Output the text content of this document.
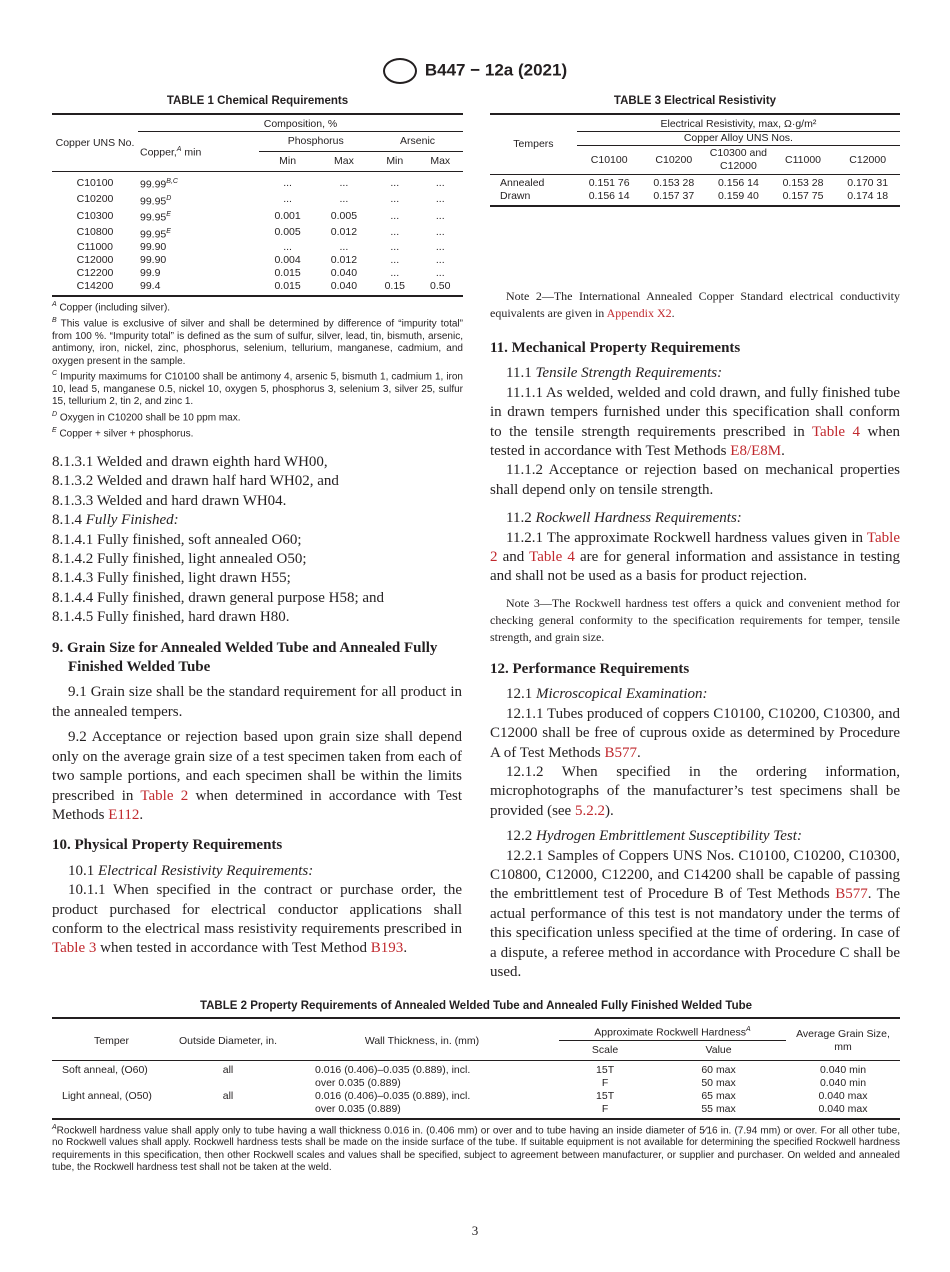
B447 − 12a (2021)
TABLE 1 Chemical Requirements
Copper UNS No.	Composition, %				
	Copper,$^A$ min	Phosphorus		Arsenic	
		Min	Max	Min	Max
C10100	$99.99^{B,C}$	...	...	...	...
C10200	$99.95^D$	...	...	...	...
C10300	$99.95^E$	0.001	0.005	...	...
C10800	$99.95^E$	0.005	0.012	...	...
C11000	99.90	...	...	...	...
C12000	99.90	0.004	0.012	...	...
C12200	99.9	0.015	0.040	...	...
C14200	99.4	0.015	0.040	0.15	0.50
$^A$ Copper (including silver).
$^B$ This value is exclusive of silver and shall be determined by difference of “impurity total” from 100 %. “Impurity total” is defined as the sum of sulfur, silver, lead, tin, bismuth, arsenic, antimony, iron, nickel, zinc, phosphorus, selenium, tellurium, manganese, cadmium, and oxygen present in the sample.
$^C$ Impurity maximums for C10100 shall be antimony 4, arsenic 5, bismuth 1, cadmium 1, iron 10, lead 5, manganese 0.5, nickel 10, oxygen 5, phosphorus 3, selenium 3, silver 25, sulfur 15, tellurium 2, tin 2, and zinc 1.
$^D$ Oxygen in C10200 shall be 10 ppm max.
$^E$ Copper + silver + phosphorus.
TABLE 3 Electrical Resistivity
Tempers	Electrical Resistivity, max, Ω·g/m²				
	Copper Alloy UNS Nos.				
	C10100	C10200	C10300 and C12000	C11000	C12000
Annealed	0.151 76	0.153 28	0.156 14	0.153 28	0.170 31
Drawn	0.156 14	0.157 37	0.159 40	0.157 75	0.174 18

8.1.3.1 Welded and drawn eighth hard WH00,

8.1.3.2 Welded and drawn half hard WH02, and

8.1.3.3 Welded and hard drawn WH04.

8.1.4 Fully Finished:

8.1.4.1 Fully finished, soft annealed O60;

8.1.4.2 Fully finished, light annealed O50;

8.1.4.3 Fully finished, light drawn H55;

8.1.4.4 Fully finished, drawn general purpose H58; and

8.1.4.5 Fully finished, hard drawn H80.

9. Grain Size for Annealed Welded Tube and Annealed Fully Finished Welded Tube

9.1 Grain size shall be the standard requirement for all product in the annealed tempers.

9.2 Acceptance or rejection based upon grain size shall depend only on the average grain size of a test specimen taken from each of two sample portions, and each specimen shall be within the limits prescribed in Table 2 when determined in accordance with Test Methods E112.

10. Physical Property Requirements

10.1 Electrical Resistivity Requirements:

10.1.1 When specified in the contract or purchase order, the product purchased for electrical conductor applications shall conform to the electrical mass resistivity requirements prescribed in Table 3 when tested in accordance with Test Method B193.

Note 2—The International Annealed Copper Standard electrical conductivity equivalents are given in Appendix X2.

11. Mechanical Property Requirements

11.1 Tensile Strength Requirements:

11.1.1 As welded, welded and cold drawn, and fully finished tube in drawn tempers furnished under this specification shall conform to the tensile strength requirements prescribed in Table 4 when tested in accordance with Test Methods E8/E8M.

11.1.2 Acceptance or rejection based on mechanical properties shall depend only on tensile strength.

11.2 Rockwell Hardness Requirements:

11.2.1 The approximate Rockwell hardness values given in Table 2 and Table 4 are for general information and assistance in testing and shall not be used as a basis for product rejection.

Note 3—The Rockwell hardness test offers a quick and convenient method for checking general conformity to the specification requirements for temper, tensile strength, and grain size.

12. Performance Requirements

12.1 Microscopical Examination:

12.1.1 Tubes produced of coppers C10100, C10200, C10300, and C12000 shall be free of cuprous oxide as determined by Procedure A of Test Methods B577.

12.1.2 When specified in the ordering information, microphotographs of the manufacturer’s test specimens shall be provided (see 5.2.2).

12.2 Hydrogen Embrittlement Susceptibility Test:

12.2.1 Samples of Coppers UNS Nos. C10100, C10200, C10300, C10800, C12000, C12200, and C14200 shall be capable of passing the embrittlement test of Procedure B of Test Methods B577. The actual performance of this test is not mandatory under the terms of this specification unless specified at the time of ordering. In case of a dispute, a referee method in accordance with Procedure C shall be used.

TABLE 2 Property Requirements of Annealed Welded Tube and Annealed Fully Finished Welded Tube
Temper	Outside Diameter, in.	Wall Thickness, in. (mm)	Approximate Rockwell Hardness$^A$		Average Grain Size, mm
			Scale	Value	
Soft anneal, (O60)	all	0.016 (0.406)–0.035 (0.889), incl.	15T	60 max	0.040 min
		over 0.035 (0.889)	F	50 max	0.040 min
Light anneal, (O50)	all	0.016 (0.406)–0.035 (0.889), incl.	15T	65 max	0.040 max
		over 0.035 (0.889)	F	55 max	0.040 max
$^A$Rockwell hardness value shall apply only to tube having a wall thickness 0.016 in. (0.406 mm) or over and to tube having an inside diameter of 5⁄16 in. (7.94 mm) or over. For all other tube, no Rockwell values shall apply. Rockwell hardness tests shall be made on the inside surface of the tube. If suitable equipment is not available for determining the specified Rockwell hardness requirements in this specification, then other Rockwell scales and values shall be specified, subject to agreement between manufacturer, or supplier and purchaser. On welded and annealed tube, the Rockwell hardness test shall not be taken at the weld.
3
